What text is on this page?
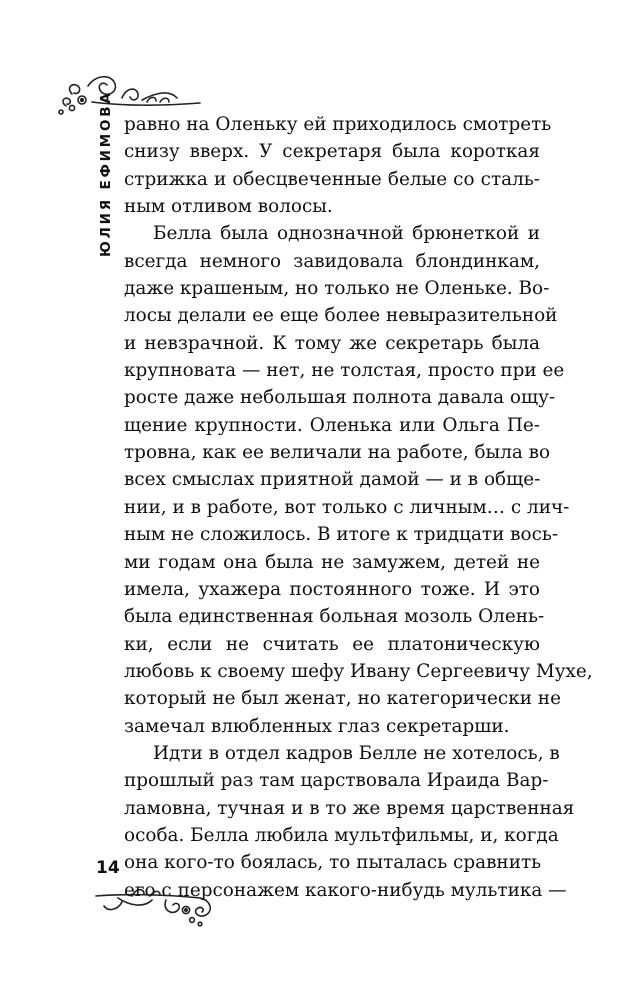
ЮЛИЯ ЕФИМОВА равно на Оленьку ей приходилось смотреть
снизу вверх. У секретаря была короткая
стрижка и обесцвеченные белые со сталь-
ным отливом волосы.
Белла была однозначной брюнеткой и
всегда немного завидовала блондинкам,
даже крашеным, но только не Оленьке. Во-
лосы делали ее еще более невыразительной
и невзрачной. К тому же секретарь была
крупновата — нет, не толстая, просто при ее
росте даже небольшая полнота давала ощу-
щение крупности. Оленька или Ольга Пе-
тровна, как ее величали на работе, была во
всех смыслах приятной дамой — и в обще-
нии, и в работе, вот только с личным… с лич-
ным не сложилось. В итоге к тридцати вось-
ми годам она была не замужем, детей не
имела, ухажера постоянного тоже. И это
была единственная больная мозоль Олень-
ки, если не считать ее платоническую
любовь к своему шефу Ивану Сергеевичу Мухе,
который не был женат, но категорически не
замечал влюбленных глаз секретарши.
Идти в отдел кадров Белле не хотелось, в
прошлый раз там царствовала Ираида Вар-
ламовна, тучная и в то же время царственная
особа. Белла любила мультфильмы, и, когда
она кого-то боялась, то пыталась сравнить
его с персонажем какого-нибудь мультика —
14
